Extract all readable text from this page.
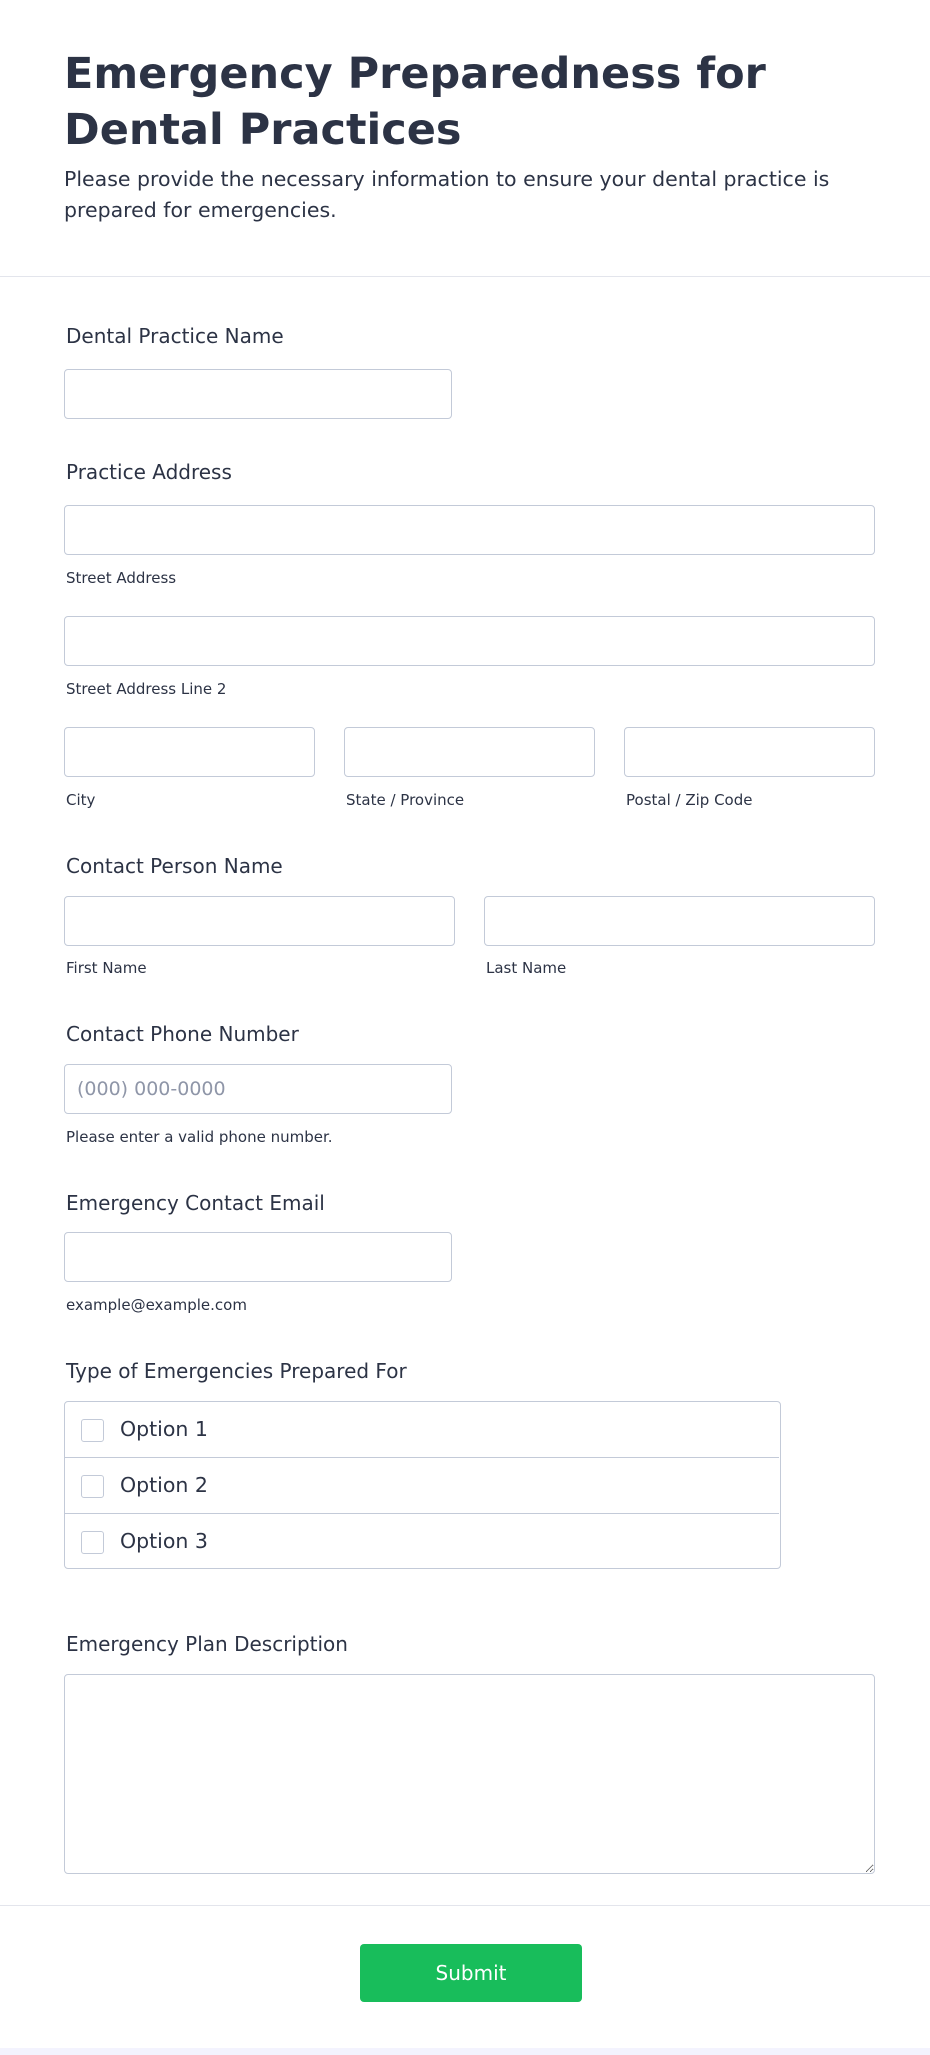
Emergency Preparedness for Dental Practices

Please provide the necessary information to ensure your dental practice is prepared for emergencies.

Dental Practice Name
Practice Address
Street Address
Street Address Line 2
City	State / Province	Postal / Zip Code
Contact Person Name
First Name	Last Name
Contact Phone Number
(000) 000-0000
Please enter a valid phone number.
Emergency Contact Email
example@example.com
Type of Emergencies Prepared For
Option 1
Option 2
Option 3
Emergency Plan Description
Submit
